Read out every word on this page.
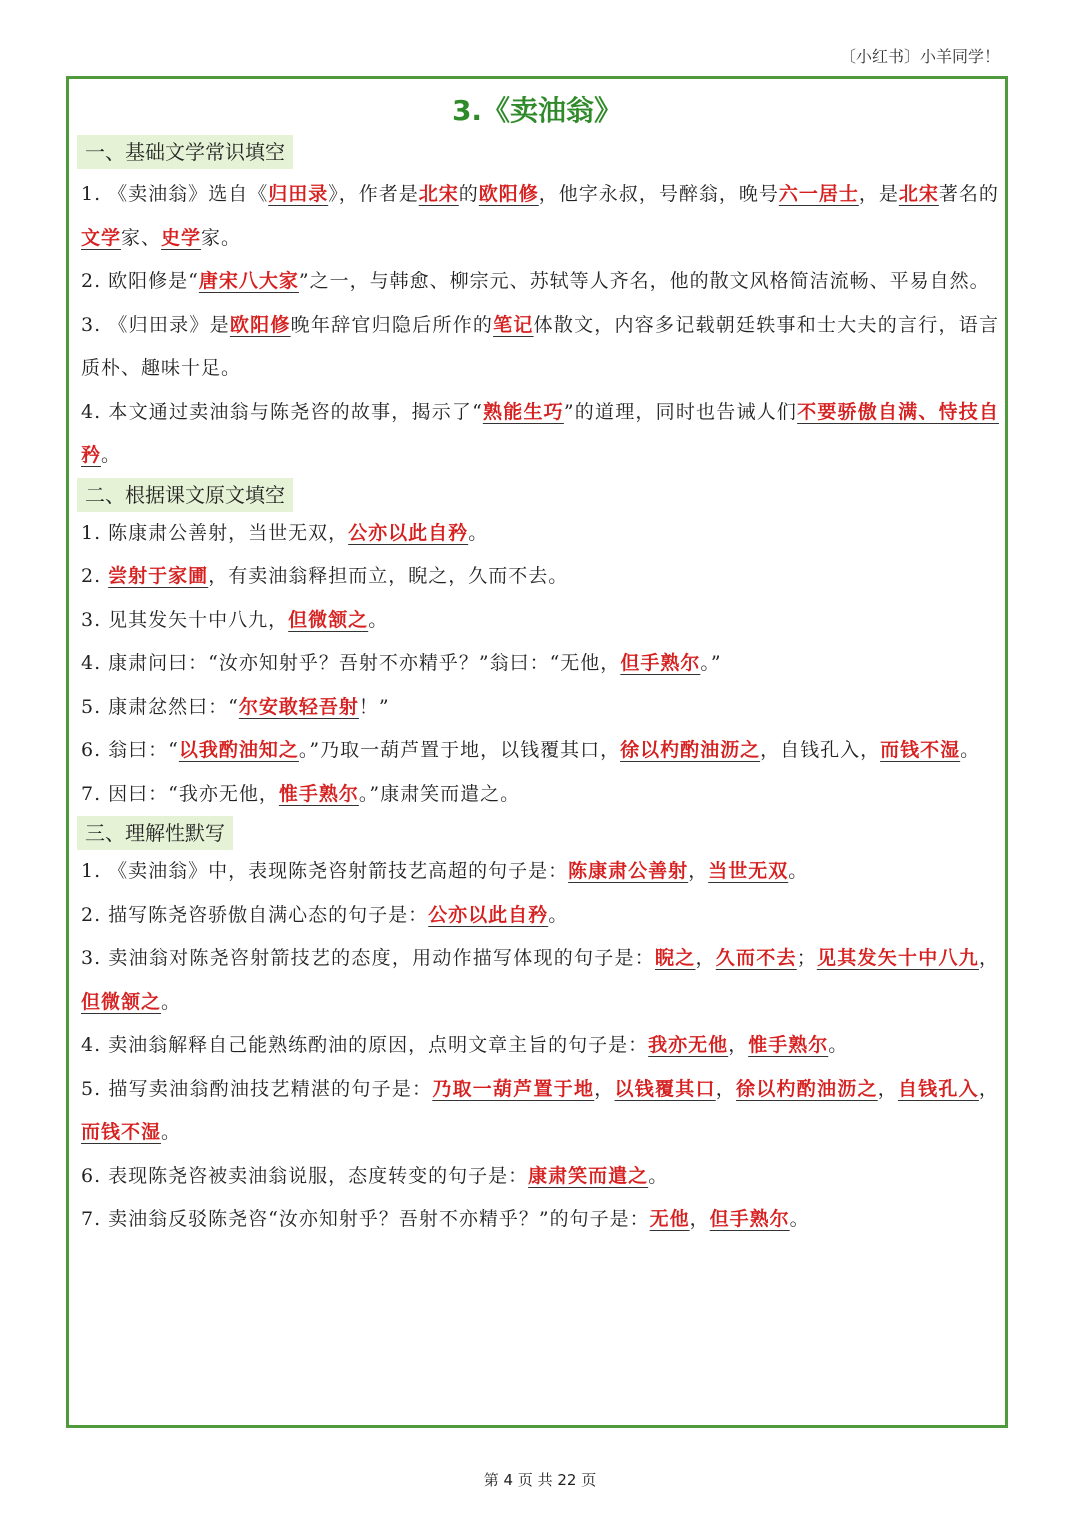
〔小红书〕小羊同学！
3.《卖油翁》
一、基础文学常识填空
1. 《卖油翁》选自《归田录》，作者是北宋的欧阳修，他字永叔，号醉翁，晚号六一居士，是北宋著名的文学家、史学家。
2. 欧阳修是“唐宋八大家”之一，与韩愈、柳宗元、苏轼等人齐名，他的散文风格简洁流畅、平易自然。
3. 《归田录》是欧阳修晚年辞官归隐后所作的笔记体散文，内容多记载朝廷轶事和士大夫的言行，语言质朴、趣味十足。
4. 本文通过卖油翁与陈尧咨的故事，揭示了“熟能生巧”的道理，同时也告诫人们不要骄傲自满、恃技自矜。
二、根据课文原文填空
1. 陈康肃公善射，当世无双，公亦以此自矜。
2. 尝射于家圃，有卖油翁释担而立，睨之，久而不去。
3. 见其发矢十中八九，但微颔之。
4. 康肃问曰：“汝亦知射乎？吾射不亦精乎？”翁曰：“无他，但手熟尔。”
5. 康肃忿然曰：“尔安敢轻吾射！”
6. 翁曰：“以我酌油知之。”乃取一葫芦置于地，以钱覆其口，徐以杓酌油沥之，自钱孔入，而钱不湿。
7. 因曰：“我亦无他，惟手熟尔。”康肃笑而遣之。
三、理解性默写
1. 《卖油翁》中，表现陈尧咨射箭技艺高超的句子是：陈康肃公善射，当世无双。
2. 描写陈尧咨骄傲自满心态的句子是：公亦以此自矜。
3. 卖油翁对陈尧咨射箭技艺的态度，用动作描写体现的句子是：睨之，久而不去；见其发矢十中八九，但微颔之。
4. 卖油翁解释自己能熟练酌油的原因，点明文章主旨的句子是：我亦无他，惟手熟尔。
5. 描写卖油翁酌油技艺精湛的句子是：乃取一葫芦置于地，以钱覆其口，徐以杓酌油沥之，自钱孔入，而钱不湿。
6. 表现陈尧咨被卖油翁说服，态度转变的句子是：康肃笑而遣之。
7. 卖油翁反驳陈尧咨“汝亦知射乎？吾射不亦精乎？”的句子是：无他，但手熟尔。
第 4 页 共 22 页
